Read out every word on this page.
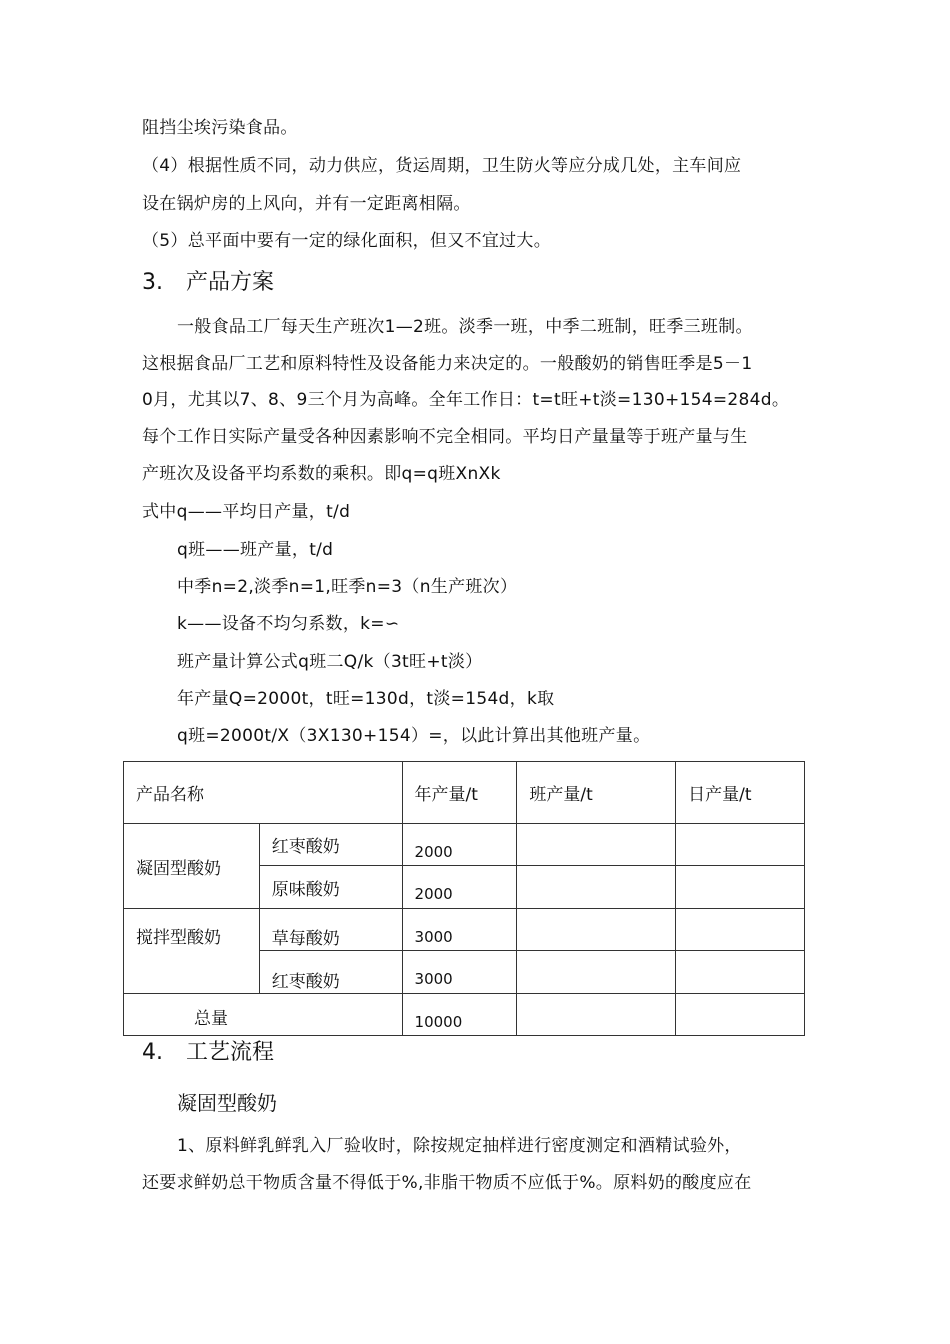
阻挡尘埃污染食品。
（4）根据性质不同，动力供应，货运周期，卫生防火等应分成几处，主车间应
设在锅炉房的上风向，并有一定距离相隔。
（5）总平面中要有一定的绿化面积，但又不宜过大。
3. 产品方案
一般食品工厂每天生产班次1—2班。淡季一班，中季二班制，旺季三班制。
这根据食品厂工艺和原料特性及设备能力来决定的。一般酸奶的销售旺季是5－1
0月，尤其以7、8、9三个月为高峰。全年工作日：t=t旺+t淡=130+154=284d。
每个工作日实际产量受各种因素影响不完全相同。平均日产量量等于班产量与生
产班次及设备平均系数的乘积。即q=q班XnXk
式中q——平均日产量，t/d
q班——班产量，t/d
中季n=2,淡季n=1,旺季n=3（n生产班次）
k——设备不均匀系数，k=∽
班产量计算公式q班二Q/k（3t旺+t淡）
年产量Q=2000t，t旺=130d，t淡=154d，k取
q班=2000t/X（3X130+154）=，以此计算出其他班产量。
产品名称		年产量/t	班产量/t	日产量/t
凝固型酸奶	红枣酸奶	2000		

	原味酸奶	2000		

搅拌型酸奶	草每酸奶	3000		

	红枣酸奶	3000		

总量		10000		

4. 工艺流程
凝固型酸奶
1、原料鲜乳鲜乳入厂验收时，除按规定抽样进行密度测定和酒精试验外，
还要求鲜奶总干物质含量不得低于%,非脂干物质不应低于%。原料奶的酸度应在
